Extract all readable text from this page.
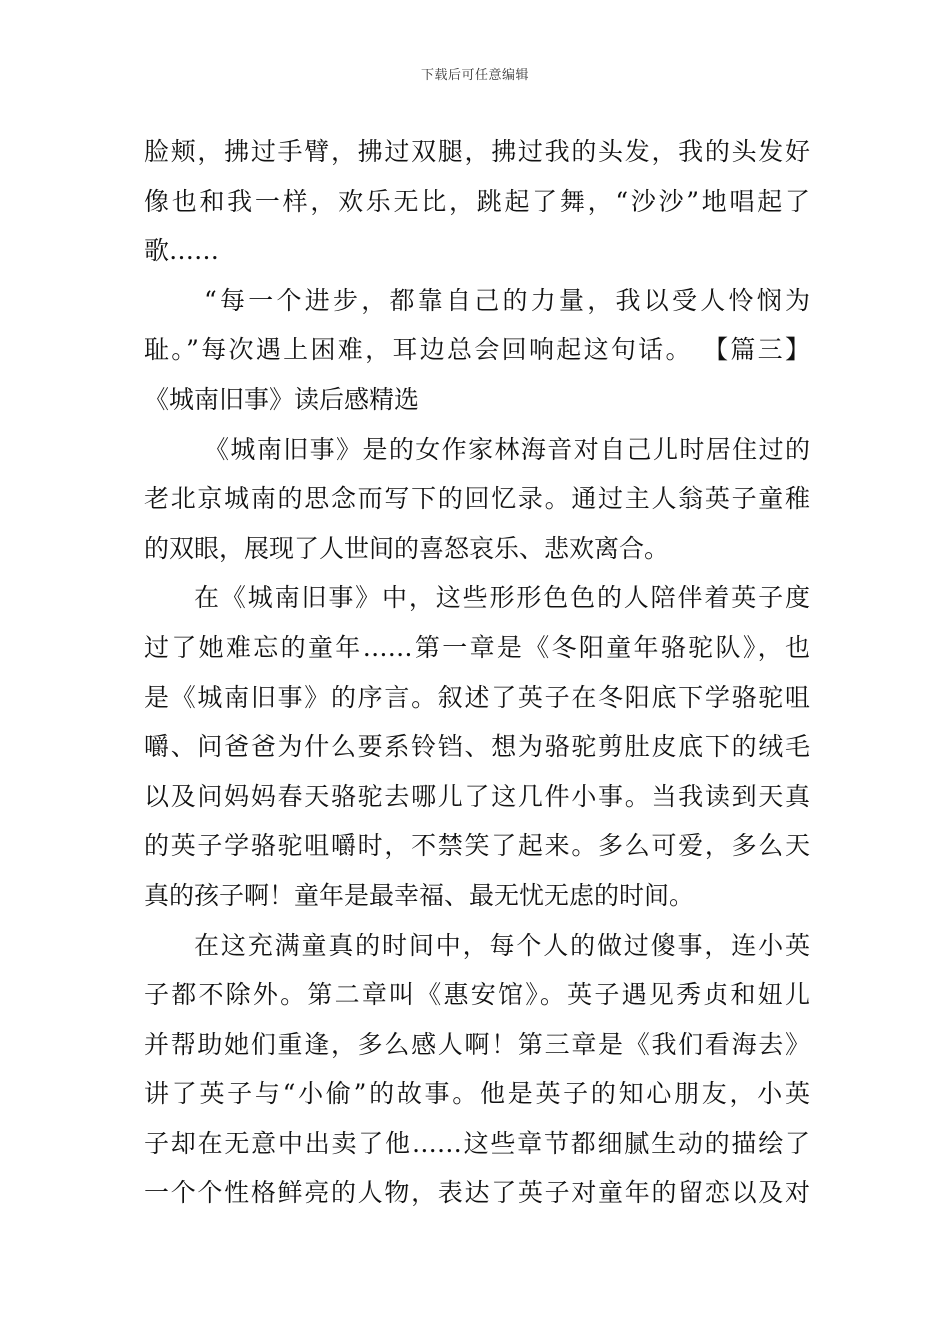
下载后可任意编辑
脸颊，拂过手臂，拂过双腿，拂过我的头发，我的头发好
像也和我一样，欢乐无比，跳起了舞，“沙沙”地唱起了
歌……
“每一个进步，都靠自己的力量，我以受人怜悯为
耻。”每次遇上困难，耳边总会回响起这句话。 【篇三】
《城南旧事》读后感精选
《城南旧事》是的女作家林海音对自己儿时居住过的
老北京城南的思念而写下的回忆录。通过主人翁英子童稚
的双眼，展现了人世间的喜怒哀乐、悲欢离合。
在《城南旧事》中，这些形形色色的人陪伴着英子度
过了她难忘的童年……第一章是《冬阳童年骆驼队》，也
是《城南旧事》的序言。叙述了英子在冬阳底下学骆驼咀
嚼、问爸爸为什么要系铃铛、想为骆驼剪肚皮底下的绒毛
以及问妈妈春天骆驼去哪儿了这几件小事。当我读到天真
的英子学骆驼咀嚼时，不禁笑了起来。多么可爱，多么天
真的孩子啊！童年是最幸福、最无忧无虑的时间。
在这充满童真的时间中，每个人的做过傻事，连小英
子都不除外。第二章叫《惠安馆》。英子遇见秀贞和妞儿
并帮助她们重逢，多么感人啊！第三章是《我们看海去》
讲了英子与“小偷”的故事。他是英子的知心朋友，小英
子却在无意中出卖了他……这些章节都细腻生动的描绘了
一个个性格鲜亮的人物，表达了英子对童年的留恋以及对
